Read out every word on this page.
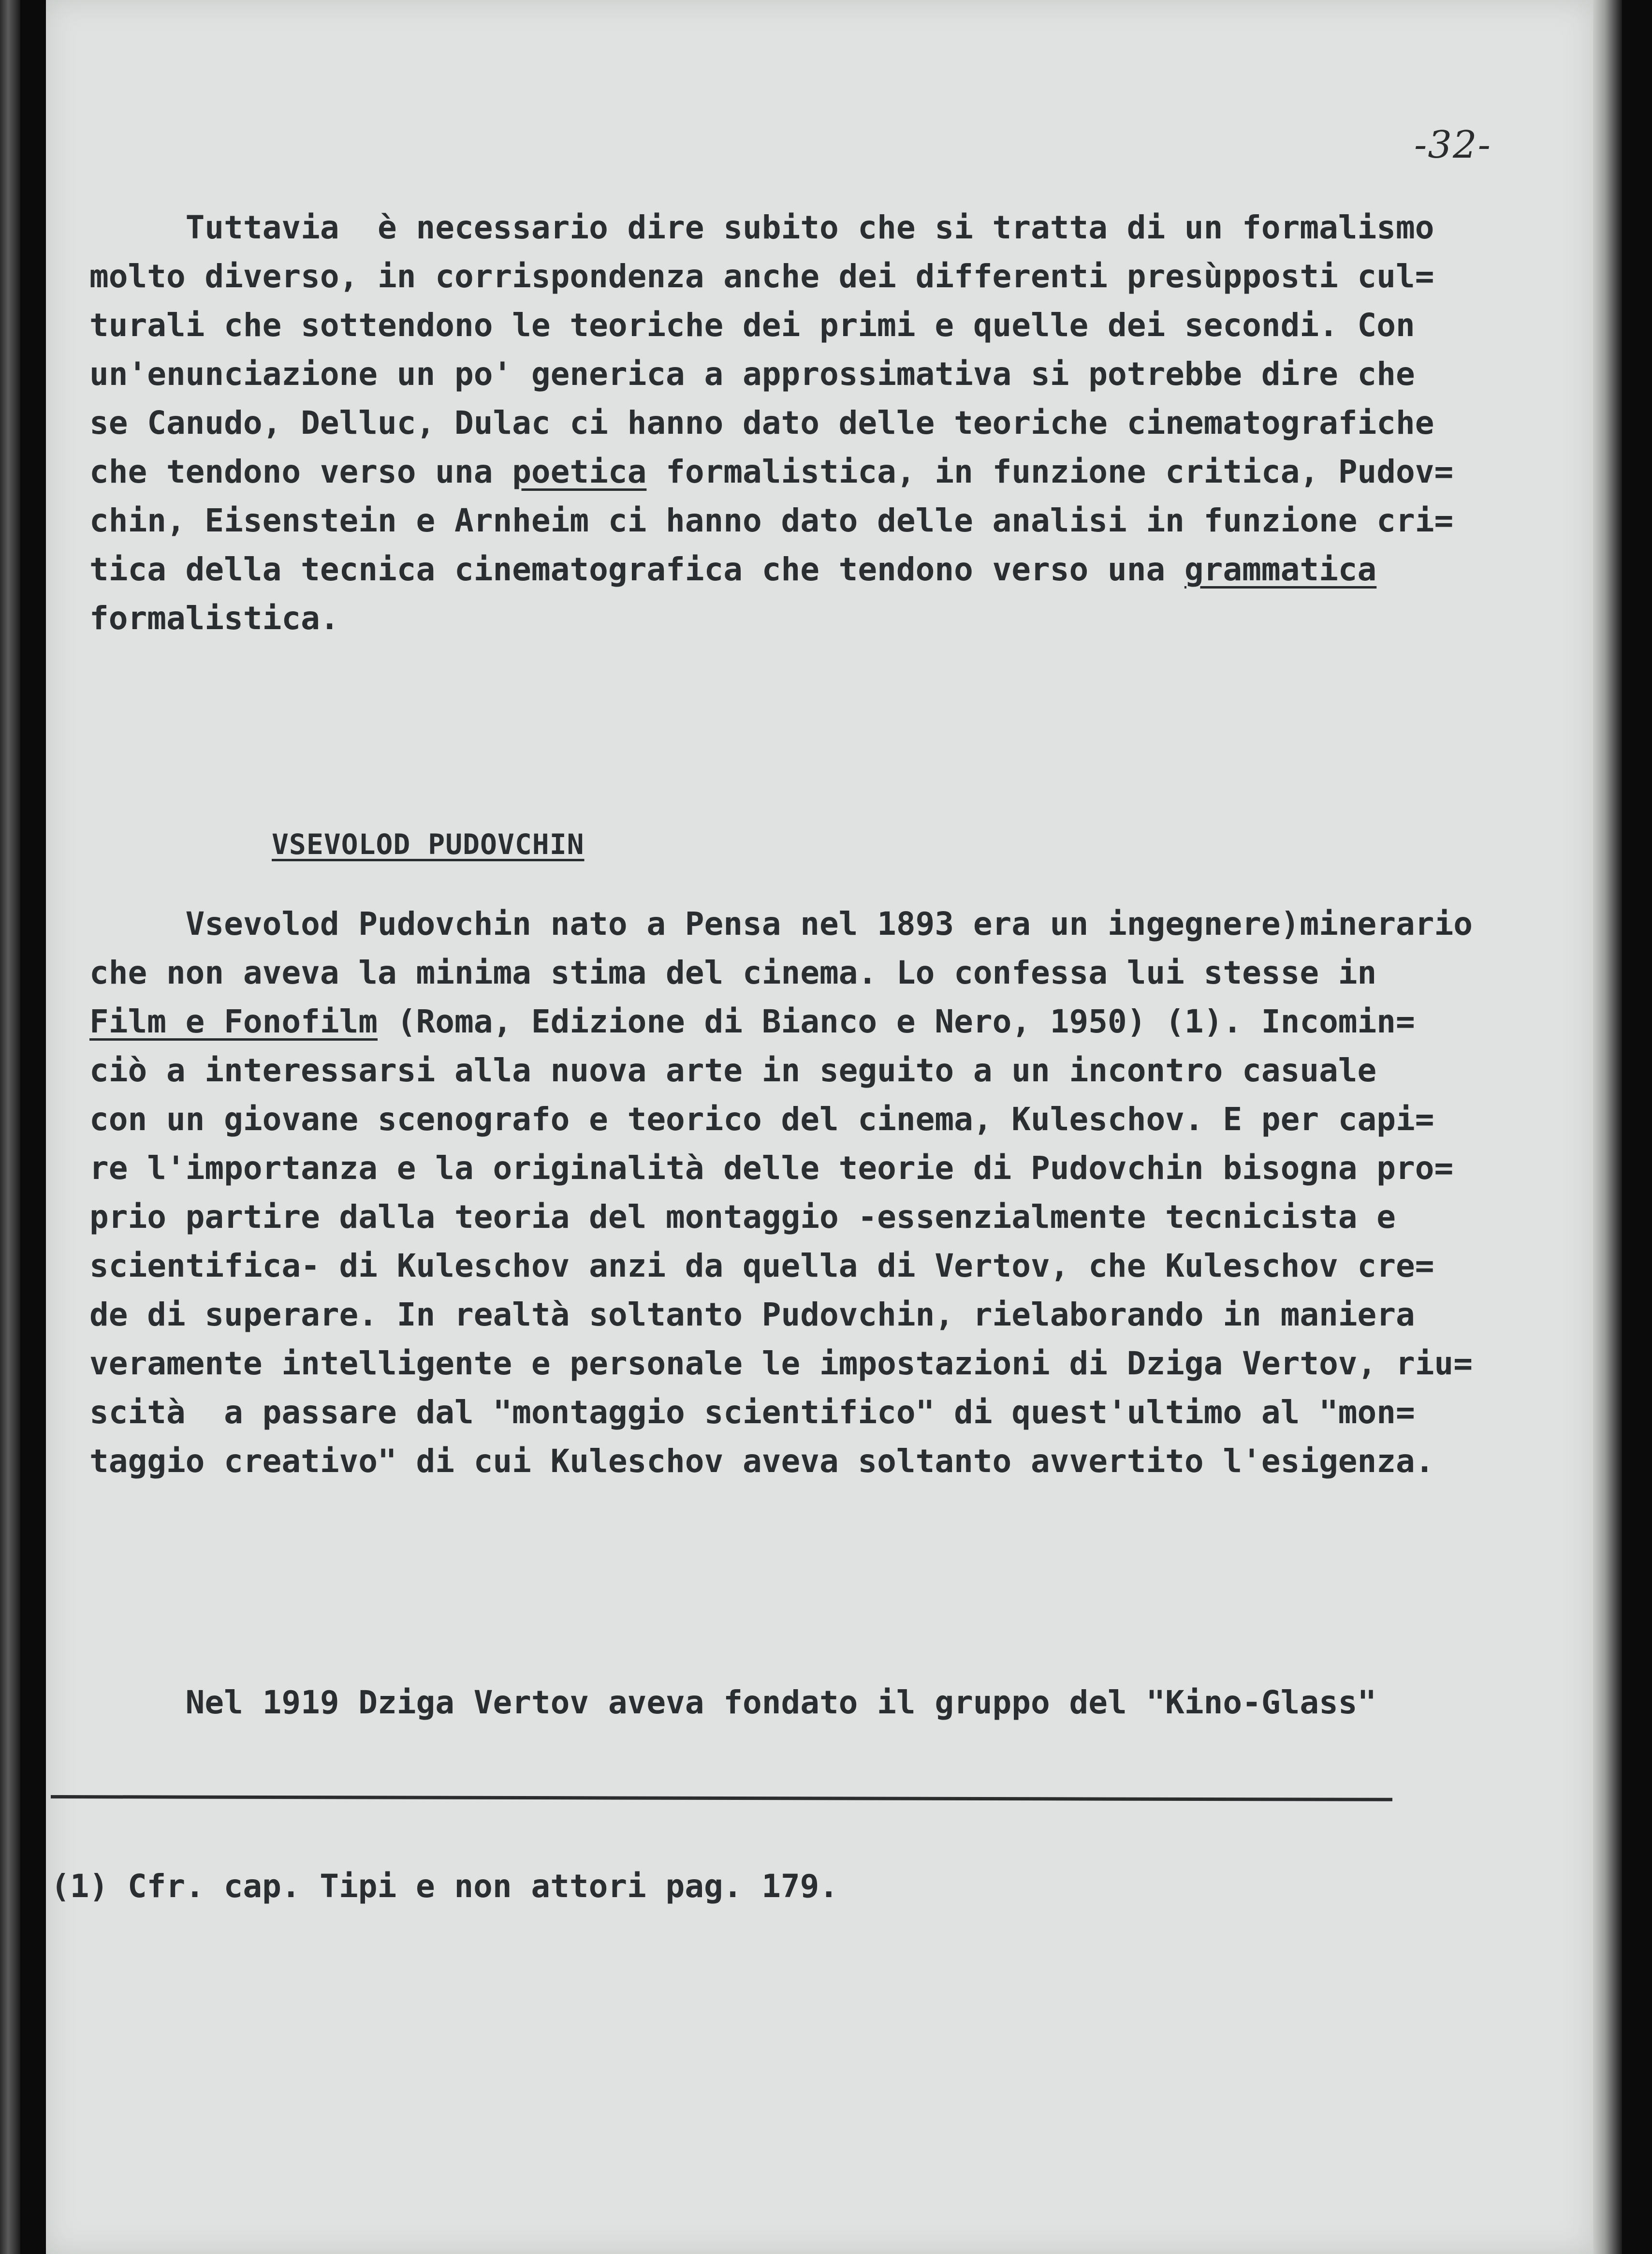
-32-
Tuttavia  è necessario dire subito che si tratta di un formalismo
molto diverso, in corrispondenza anche dei differenti presùpposti cul=
turali che sottendono le teoriche dei primi e quelle dei secondi. Con
un'enunciazione un po' generica a approssimativa si potrebbe dire che
se Canudo, Delluc, Dulac ci hanno dato delle teoriche cinematografiche
che tendono verso una poetica formalistica, in funzione critica, Pudov=
chin, Eisenstein e Arnheim ci hanno dato delle analisi in funzione cri=
tica della tecnica cinematografica che tendono verso una grammatica
formalistica.
VSEVOLOD PUDOVCHIN
Vsevolod Pudovchin nato a Pensa nel 1893 era un ingegnere)minerario
che non aveva la minima stima del cinema. Lo confessa lui stesse in
Film e Fonofilm (Roma, Edizione di Bianco e Nero, 1950) (1). Incomin=
ciò a interessarsi alla nuova arte in seguito a un incontro casuale
con un giovane scenografo e teorico del cinema, Kuleschov. E per capi=
re l'importanza e la originalità delle teorie di Pudovchin bisogna pro=
prio partire dalla teoria del montaggio -essenzialmente tecnicista e
scientifica- di Kuleschov anzi da quella di Vertov, che Kuleschov cre=
de di superare. In realtà soltanto Pudovchin, rielaborando in maniera
veramente intelligente e personale le impostazioni di Dziga Vertov, riu=
scità  a passare dal "montaggio scientifico" di quest'ultimo al "mon=
taggio creativo" di cui Kuleschov aveva soltanto avvertito l'esigenza.
Nel 1919 Dziga Vertov aveva fondato il gruppo del "Kino-Glass"
(1) Cfr. cap. Tipi e non attori pag. 179.
